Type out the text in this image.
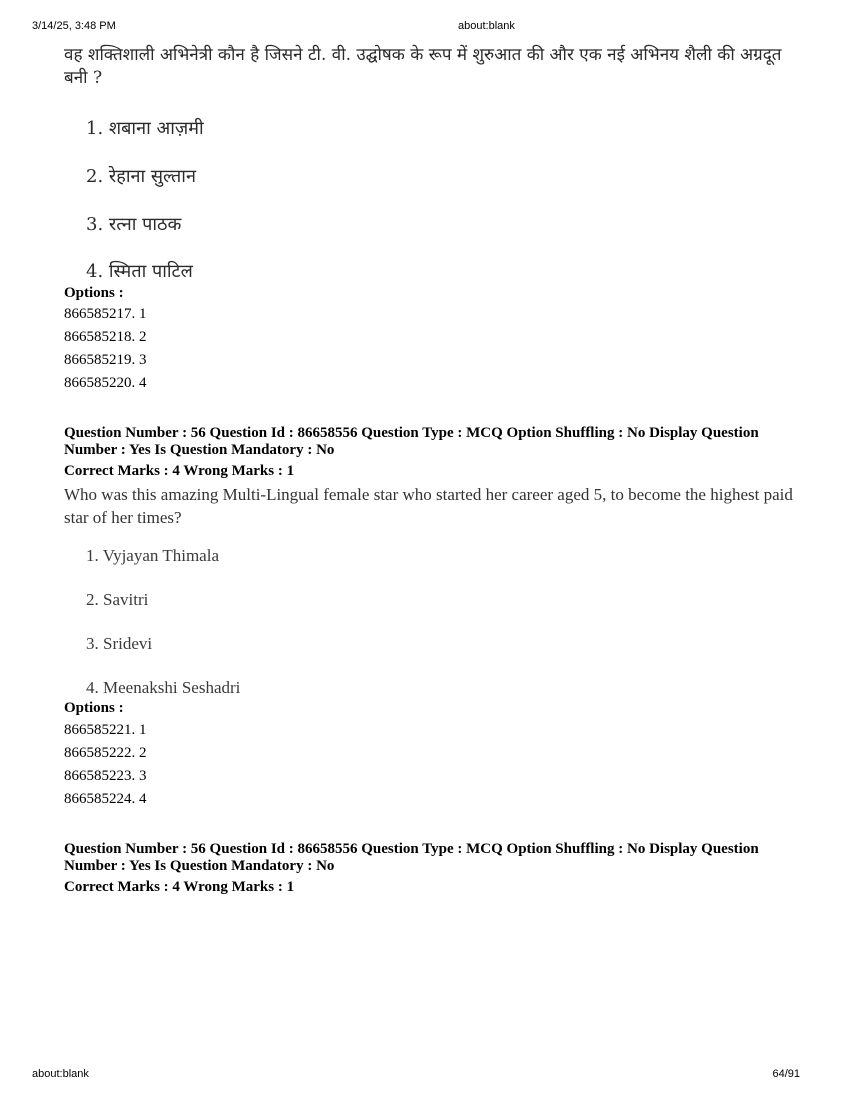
3/14/25, 3:48 PM	about:blank
वह शक्तिशाली अभिनेत्री कौन है जिसने टी. वी. उद्घोषक के रूप में शुरुआत की और एक नई अभिनय शैली की अग्रदूत बनी ?
1. शबाना आज़मी
2. रेहाना सुल्तान
3. रत्ना पाठक
4. स्मिता पाटिल
Options :
866585217. 1
866585218. 2
866585219. 3
866585220. 4
Question Number : 56 Question Id : 86658556 Question Type : MCQ Option Shuffling : No Display Question Number : Yes Is Question Mandatory : No
Correct Marks : 4 Wrong Marks : 1
Who was this amazing Multi-Lingual female star who started her career aged 5, to become the highest paid star of her times?
1. Vyjayan Thimala
2. Savitri
3. Sridevi
4. Meenakshi Seshadri
Options :
866585221. 1
866585222. 2
866585223. 3
866585224. 4
Question Number : 56 Question Id : 86658556 Question Type : MCQ Option Shuffling : No Display Question Number : Yes Is Question Mandatory : No
Correct Marks : 4 Wrong Marks : 1
about:blank	64/91
